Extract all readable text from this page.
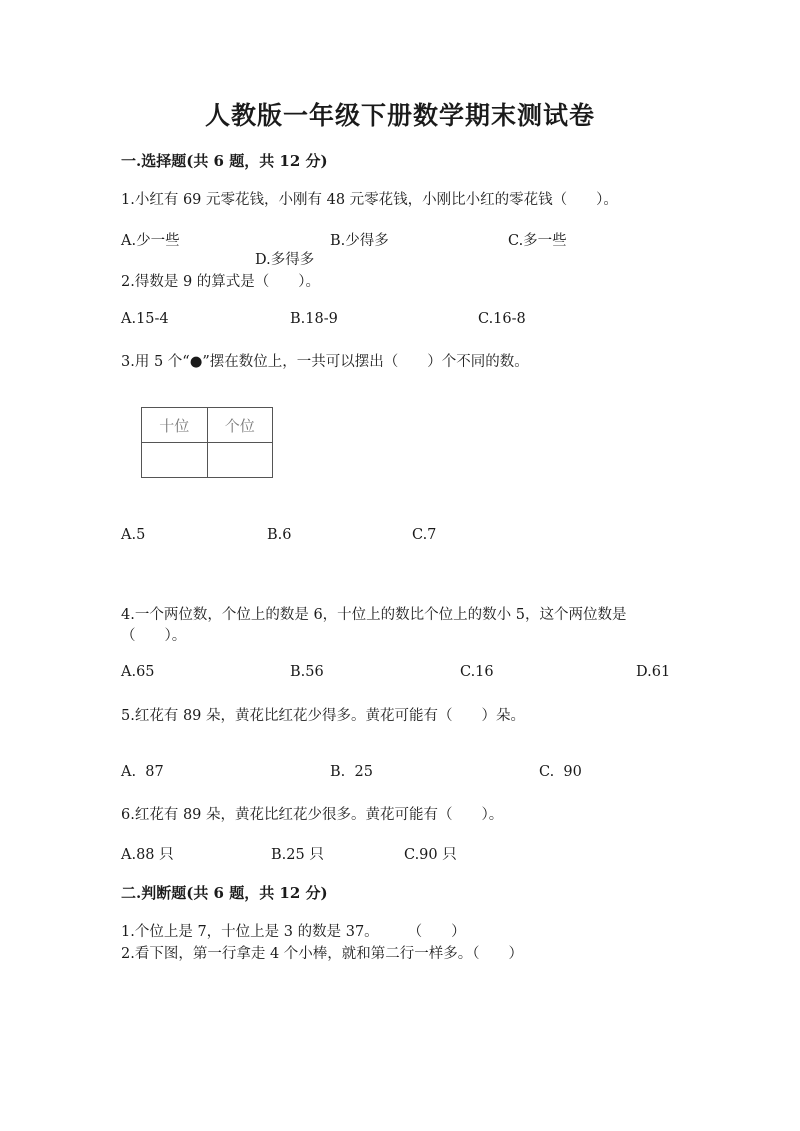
人教版一年级下册数学期末测试卷
一.选择题(共 6 题，共 12 分)
1.小红有 69 元零花钱，小刚有 48 元零花钱，小刚比小红的零花钱（　　）。
A.少一些	B.少得多	C.多一些
D.多得多
2.得数是 9 的算式是（　　）。
A.15-4	B.18-9	C.16-8
3.用 5 个“●”摆在数位上，一共可以摆出（　　）个不同的数。
十位	个位

A.5	B.6	C.7
4.一个两位数，个位上的数是 6，十位上的数比个位上的数小 5，这个两位数是
（　　）。
A.65	B.56	C.16	D.61
5.红花有 89 朵，黄花比红花少得多。黄花可能有（　　）朵。
A.  87	B.  25	C.  90
6.红花有 89 朵，黄花比红花少很多。黄花可能有（　　）。
A.88 只	B.25 只	C.90 只
二.判断题(共 6 题，共 12 分)
1.个位上是 7，十位上是 3 的数是 37。　　　（　　）
2.看下图，第一行拿走 4 个小棒，就和第二行一样多。（　　）
